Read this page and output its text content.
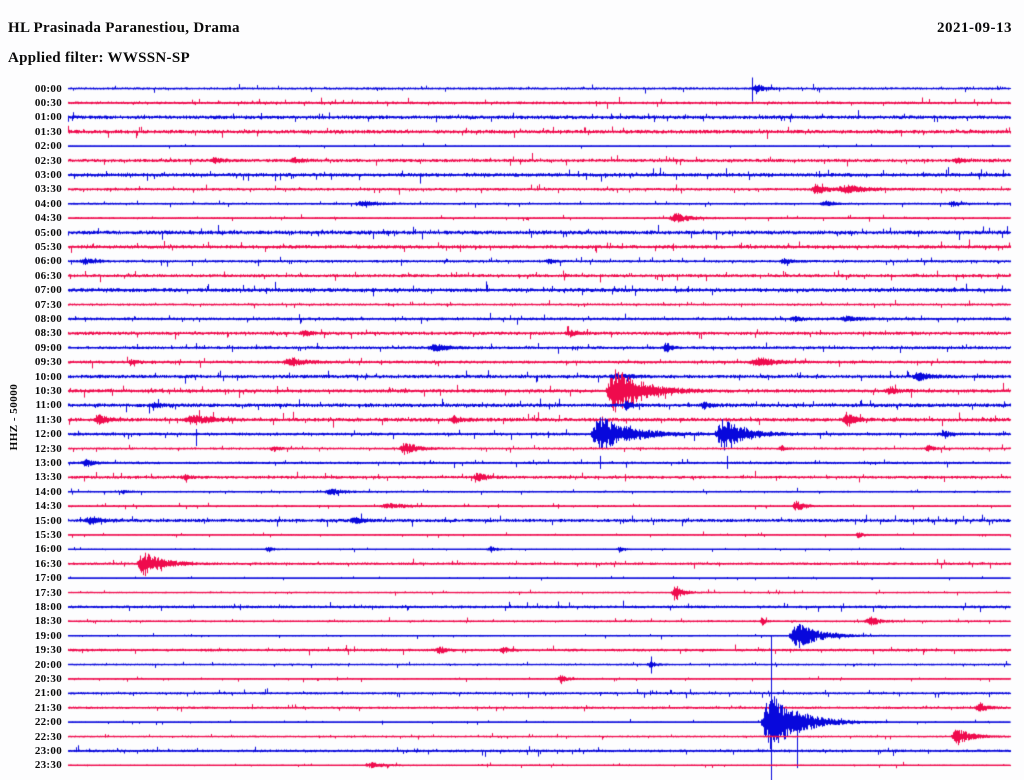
00:00
00:30
01:00
01:30
02:00
02:30
03:00
03:30
04:00
04:30
05:00
05:30
06:00
06:30
07:00
07:30
08:00
08:30
09:00
09:30
10:00
10:30
11:00
11:30
12:00
12:30
13:00
13:30
14:00
14:30
15:00
15:30
16:00
16:30
17:00
17:30
18:00
18:30
19:00
19:30
20:00
20:30
21:00
21:30
22:00
22:30
23:00
23:30
